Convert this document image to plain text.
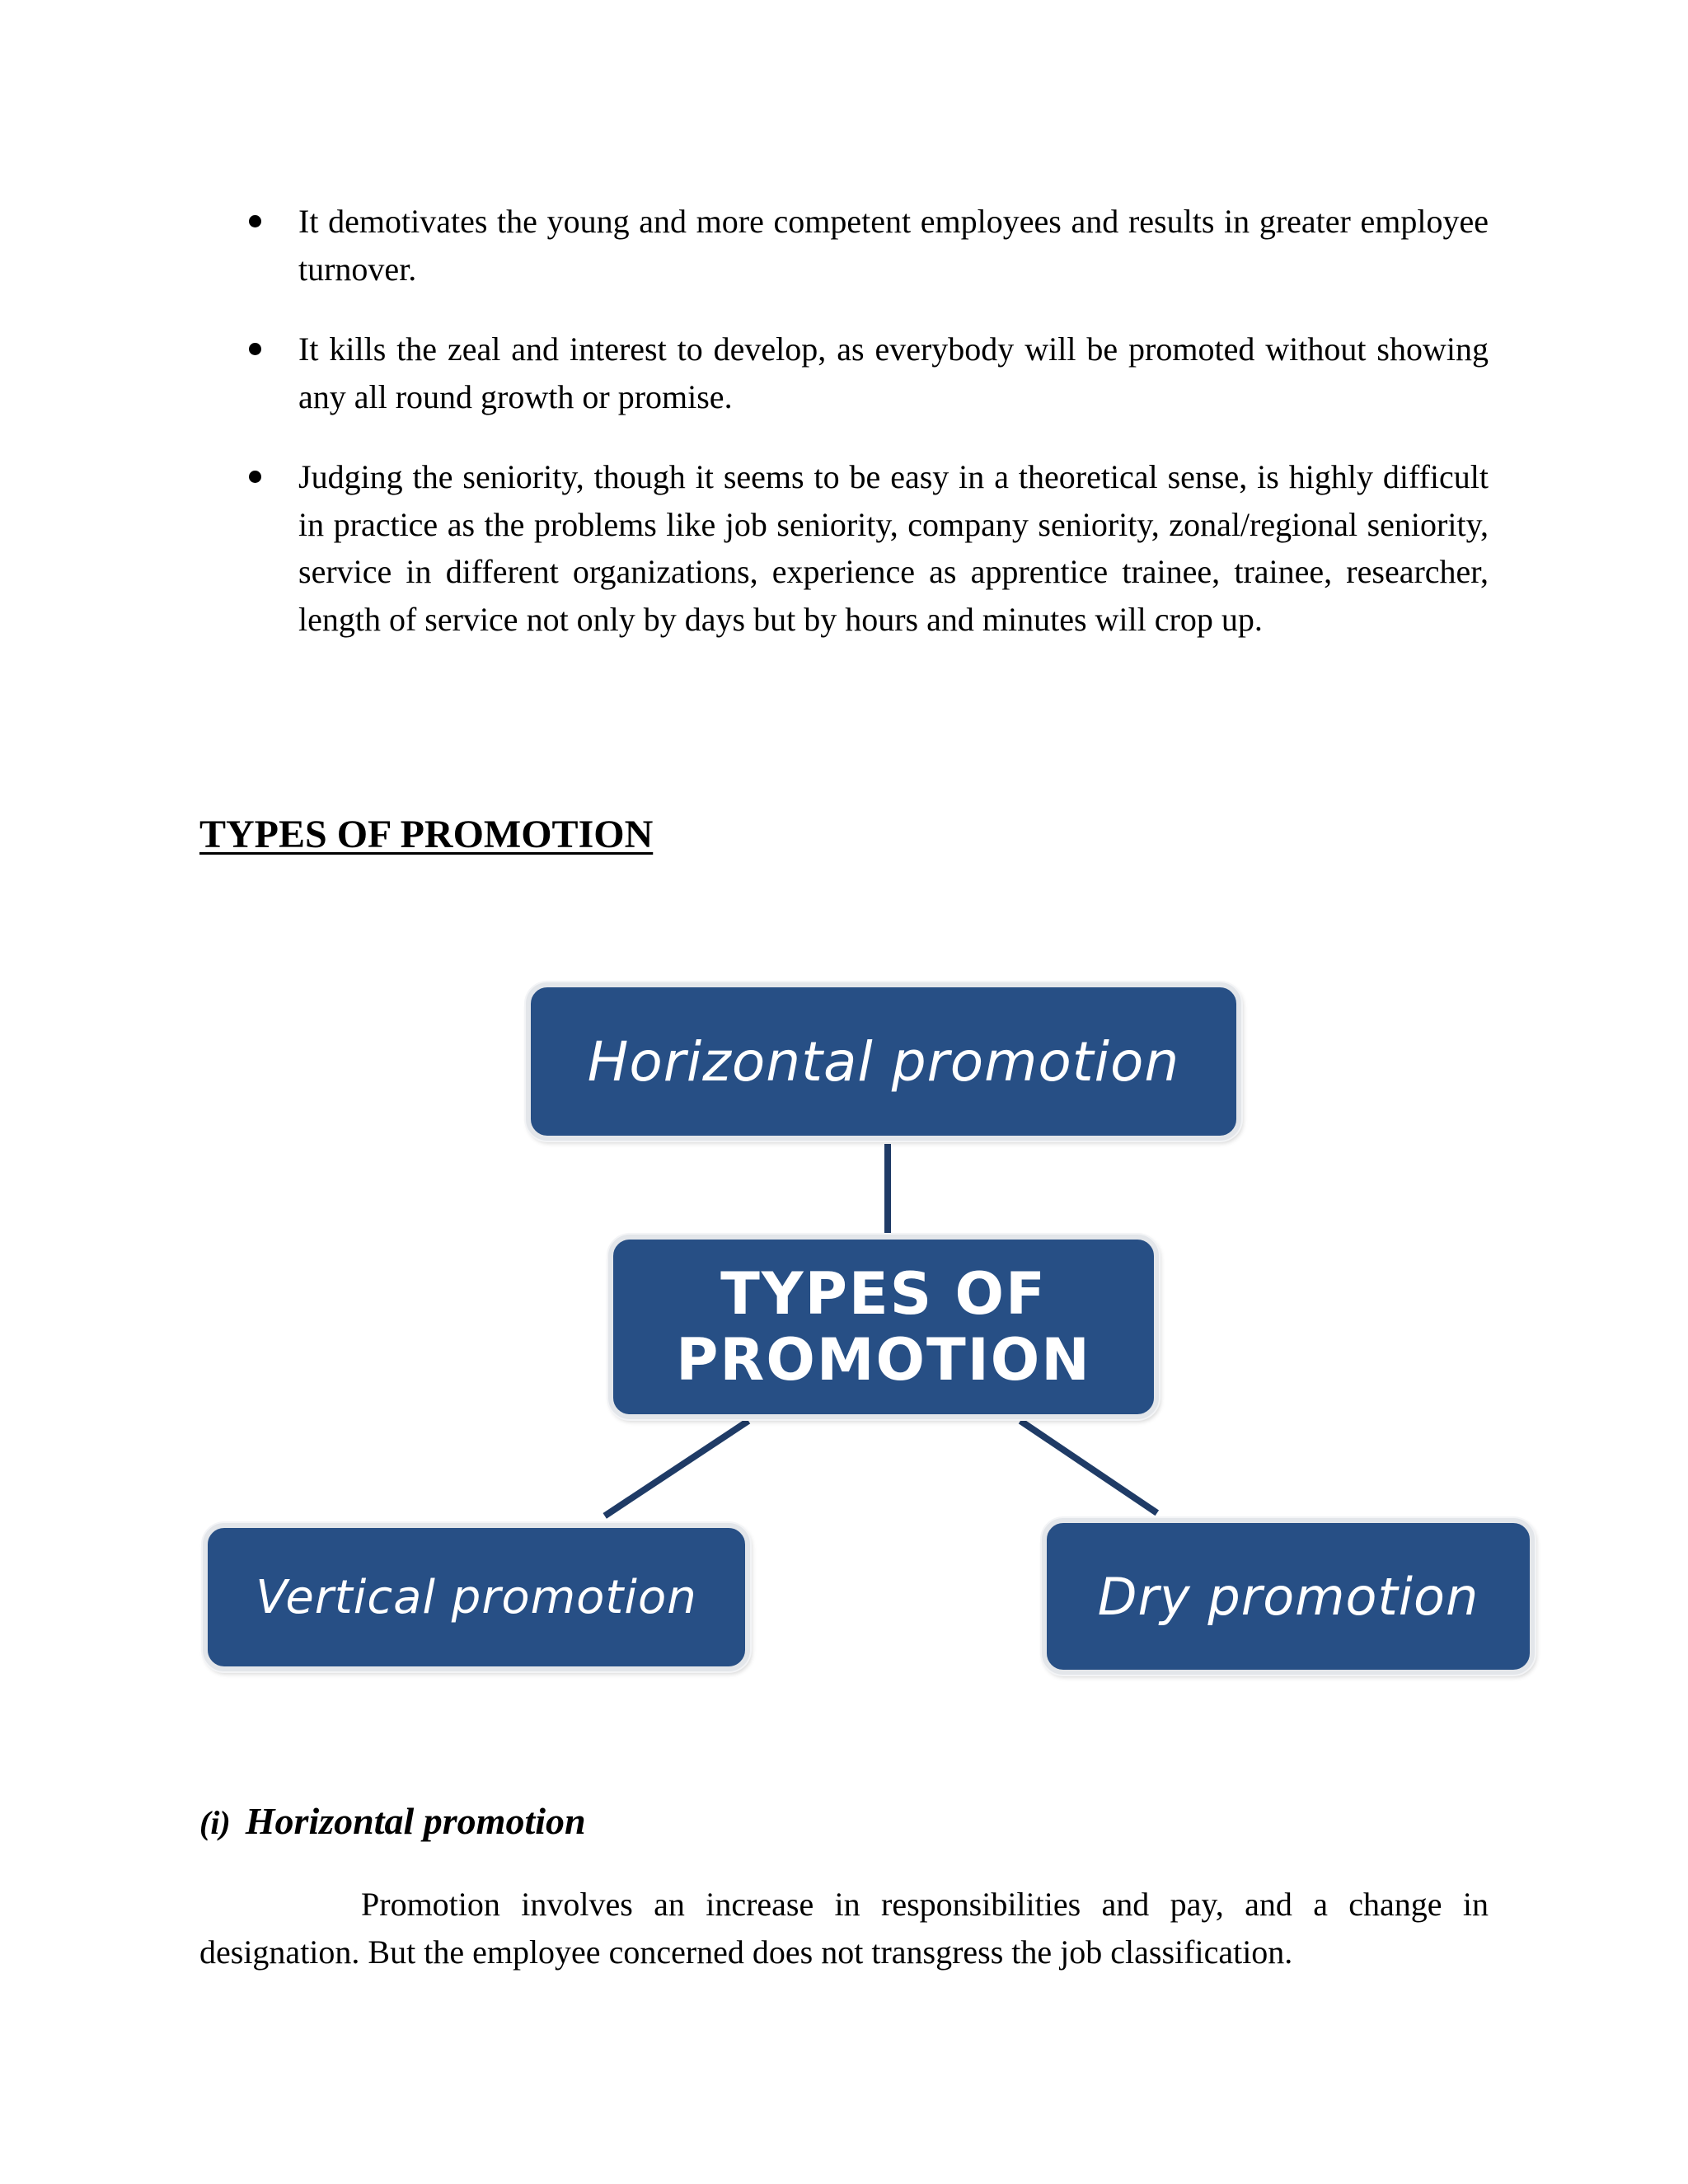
It demotivates the young and more competent employees and results in greater employee turnover.
It kills the zeal and interest to develop, as everybody will be promoted without showing any all round growth or promise.
Judging the seniority, though it seems to be easy in a theoretical sense, is highly difficult in practice as the problems like job seniority, company seniority, zonal/regional seniority, service in different organizations, experience as apprentice trainee, trainee, researcher, length of service not only by days but by hours and minutes will crop up.
TYPES OF PROMOTION
Horizontal promotion
TYPES OF
PROMOTION
Vertical promotion	Dry promotion
(i) Horizontal promotion

Promotion involves an increase in responsibilities and pay, and a change in designation. But the employee concerned does not transgress the job classification.
